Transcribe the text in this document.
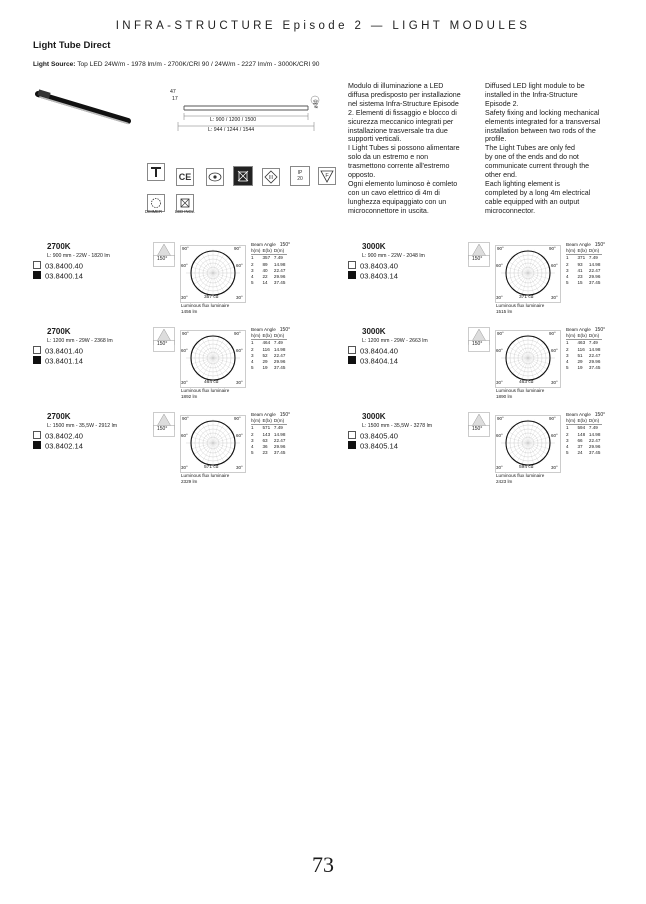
INFRA-STRUCTURE Episode 2 — LIGHT MODULES
Light Tube Direct
Light Source: Top LED 24W/m - 1978 lm/m - 2700K/CRI 90 / 24W/m - 2227 lm/m - 3000K/CRI 90
47
17
ø30
L: 900 / 1200 / 1500
L: 944 / 1244 / 1544
CE	III
IP
20	F
DIMMER	LED INCL.
Modulo di illuminazione a LED
diffusa predisposto per installazione
nel sistema Infra-Structure Episode
2. Elementi di fissaggio e blocco di
sicurezza meccanico integrati per
installazione trasversale tra due
supporti verticali.
I Light Tubes si possono alimentare
solo da un estremo e non
trasmettono corrente all'estremo
opposto.
Ogni elemento luminoso è comleto
con un cavo elettrico di 4m di
lunghezza equipaggiato con un
microconnettore in uscita.
Diffused LED light module to be
installed in the Infra-Structure
Episode 2.
Safety fixing and locking mechanical
elements integrated for a transversal
installation between two rods of the
profile.
The Light Tubes are only fed
by one of the ends and do not
communicate current through the
other end.
Each lighting element is
completed by a long 4m electrical
cable equipped with an output
microconnector.
2700K
L: 900 mm - 22W - 1820 lm
03.8400.40
03.8400.14
150°
90°	90°
60°	60°
30°	30°
357 cd
Luminous flux luminaire
1456 lm
Beam Angle 150°
h(m)	E(lx)	D(m)
1	357	7.49
2	89	14.98
3	40	22.47
4	22	29.96
5	14	37.45
3000K
L: 900 mm - 22W - 2048 lm
03.8403.40
03.8403.14
150°
90°	90°
60°	60°
30°	30°
371 cd
Luminous flux luminaire
1515 lm
Beam Angle 150°
h(m)	E(lx)	D(m)
1	371	7.49
2	93	14.98
3	41	22.47
4	23	29.96
5	15	37.45
2700K
L: 1200 mm - 29W - 2368 lm
03.8401.40
03.8401.14
150°
90°	90°
60°	60°
30°	30°
464 cd
Luminous flux luminaire
1892 lm
Beam Angle 150°
h(m)	E(lx)	D(m)
1	464	7.49
2	116	14.98
3	52	22.47
4	29	29.96
5	19	37.45
3000K
L: 1200 mm - 29W - 2663 lm
03.8404.40
03.8404.14
150°
90°	90°
60°	60°
30°	30°
463 cd
Luminous flux luminaire
1890 lm
Beam Angle 150°
h(m)	E(lx)	D(m)
1	463	7.49
2	116	14.98
3	51	22.47
4	29	29.96
5	19	37.45
2700K
L: 1500 mm - 35,5W - 2912 lm
03.8402.40
03.8402.14
150°
90°	90°
60°	60°
30°	30°
571 cd
Luminous flux luminaire
2329 lm
Beam Angle 150°
h(m)	E(lx)	D(m)
1	571	7.49
2	143	14.98
3	63	22.47
4	36	29.96
5	23	37.45
3000K
L: 1500 mm - 35,5W - 3278 lm
03.8405.40
03.8405.14
150°
90°	90°
60°	60°
30°	30°
594 cd
Luminous flux luminaire
2423 lm
Beam Angle 150°
h(m)	E(lx)	D(m)
1	594	7.49
2	148	14.98
3	66	22.47
4	37	29.96
5	24	37.45
73
